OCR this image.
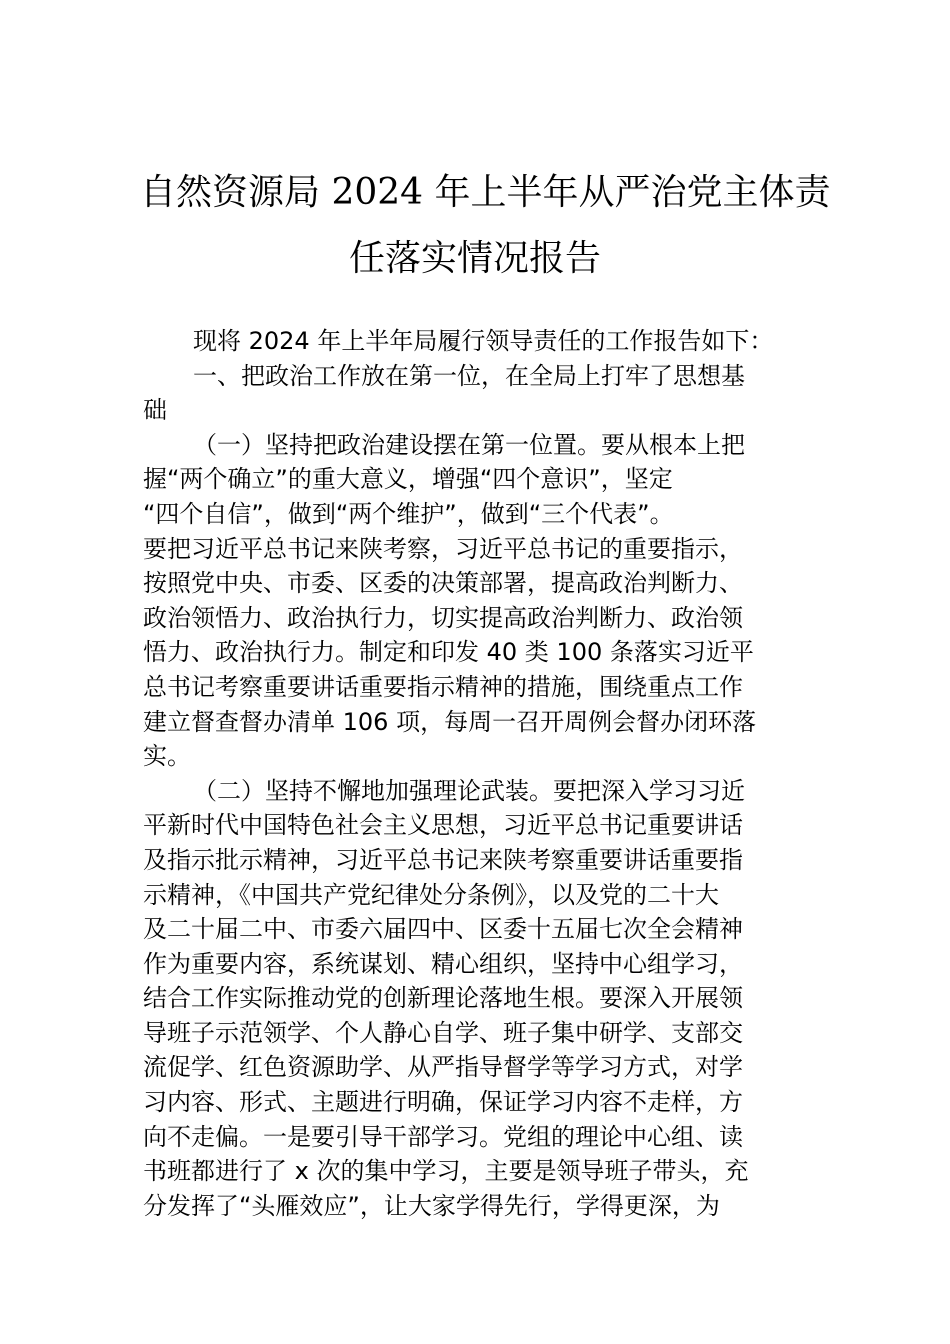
自然资源局 2024 年上半年从严治党主体责
任落实情况报告
现将 2024 年上半年局履行领导责任的工作报告如下：
一、把政治工作放在第一位，在全局上打牢了思想基
础
（一）坚持把政治建设摆在第一位置。要从根本上把
握“两个确立”的重大意义，增强“四个意识”，坚定
“四个自信”，做到“两个维护”，做到“三个代表”。
要把习近平总书记来陕考察，习近平总书记的重要指示，
按照党中央、市委、区委的决策部署，提高政治判断力、
政治领悟力、政治执行力，切实提高政治判断力、政治领
悟力、政治执行力。制定和印发 40 类 100 条落实习近平
总书记考察重要讲话重要指示精神的措施，围绕重点工作
建立督查督办清单 106 项，每周一召开周例会督办闭环落
实。
（二）坚持不懈地加强理论武装。要把深入学习习近
平新时代中国特色社会主义思想，习近平总书记重要讲话
及指示批示精神，习近平总书记来陕考察重要讲话重要指
示精神，《中国共产党纪律处分条例》，以及党的二十大
及二十届二中、市委六届四中、区委十五届七次全会精神
作为重要内容，系统谋划、精心组织，坚持中心组学习，
结合工作实际推动党的创新理论落地生根。要深入开展领
导班子示范领学、个人静心自学、班子集中研学、支部交
流促学、红色资源助学、从严指导督学等学习方式，对学
习内容、形式、主题进行明确，保证学习内容不走样，方
向不走偏。一是要引导干部学习。党组的理论中心组、读
书班都进行了 x 次的集中学习，主要是领导班子带头，充
分发挥了“头雁效应”，让大家学得先行，学得更深，为
